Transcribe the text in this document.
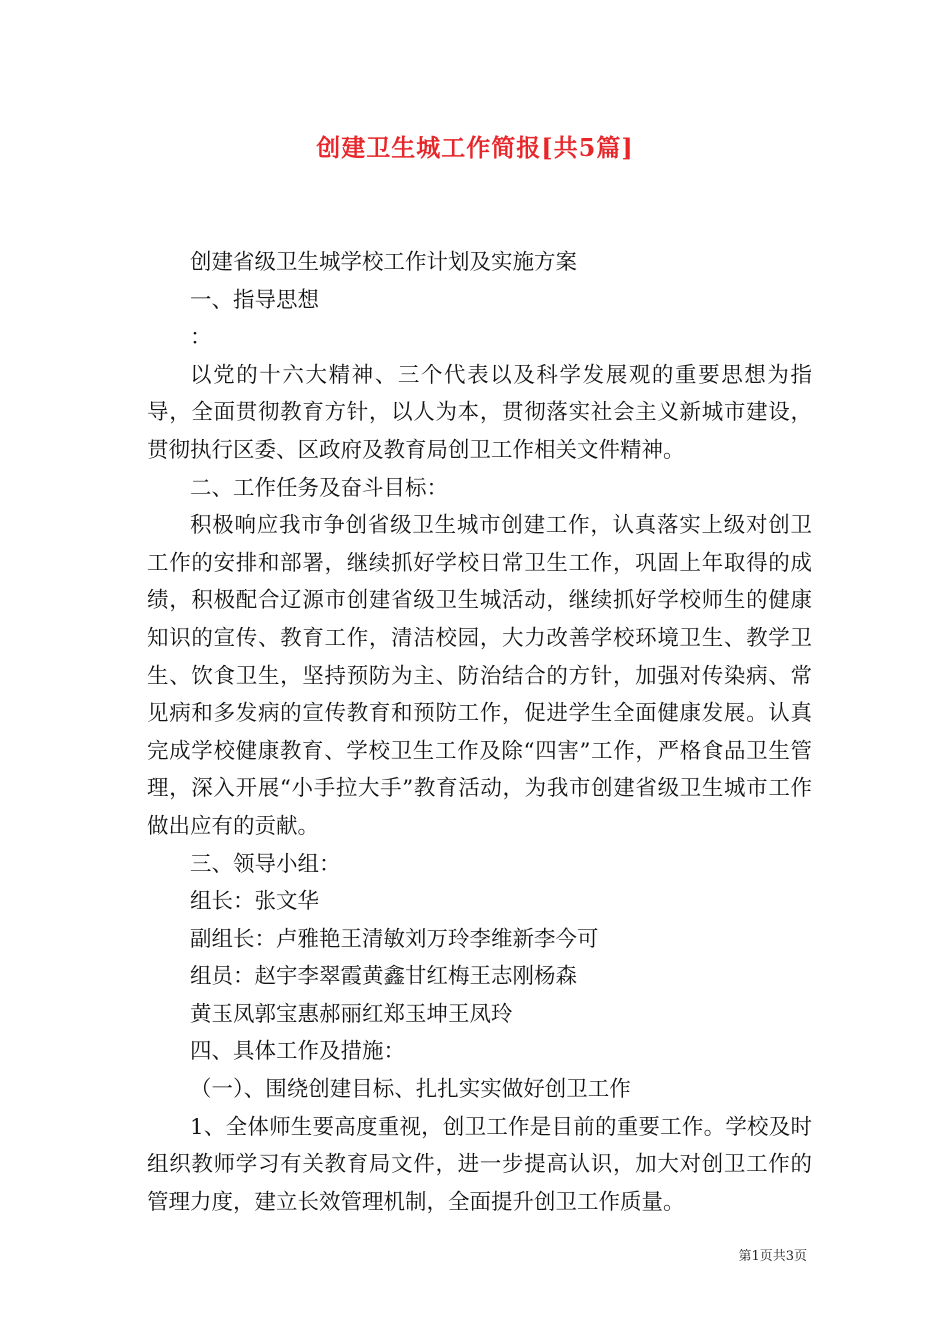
创建卫生城工作简报[共5篇]

创建省级卫生城学校工作计划及实施方案

一、指导思想

：

以党的十六大精神、三个代表以及科学发展观的重要思想为指导，全面贯彻教育方针，以人为本，贯彻落实社会主义新城市建设，贯彻执行区委、区政府及教育局创卫工作相关文件精神。

二、工作任务及奋斗目标：

积极响应我市争创省级卫生城市创建工作，认真落实上级对创卫工作的安排和部署，继续抓好学校日常卫生工作，巩固上年取得的成绩，积极配合辽源市创建省级卫生城活动，继续抓好学校师生的健康知识的宣传、教育工作，清洁校园，大力改善学校环境卫生、教学卫生、饮食卫生，坚持预防为主、防治结合的方针，加强对传染病、常见病和多发病的宣传教育和预防工作，促进学生全面健康发展。认真完成学校健康教育、学校卫生工作及除“四害”工作，严格食品卫生管理，深入开展“小手拉大手”教育活动，为我市创建省级卫生城市工作做出应有的贡献。

三、领导小组：

组长：张文华

副组长：卢雅艳王清敏刘万玲李维新李今可

组员：赵宇李翠霞黄鑫甘红梅王志刚杨森

黄玉凤郭宝惠郝丽红郑玉坤王凤玲

四、具体工作及措施：

（一）、围绕创建目标、扎扎实实做好创卫工作

1、全体师生要高度重视，创卫工作是目前的重要工作。学校及时组织教师学习有关教育局文件，进一步提高认识，加大对创卫工作的管理力度，建立长效管理机制，全面提升创卫工作质量。

第1页共3页
